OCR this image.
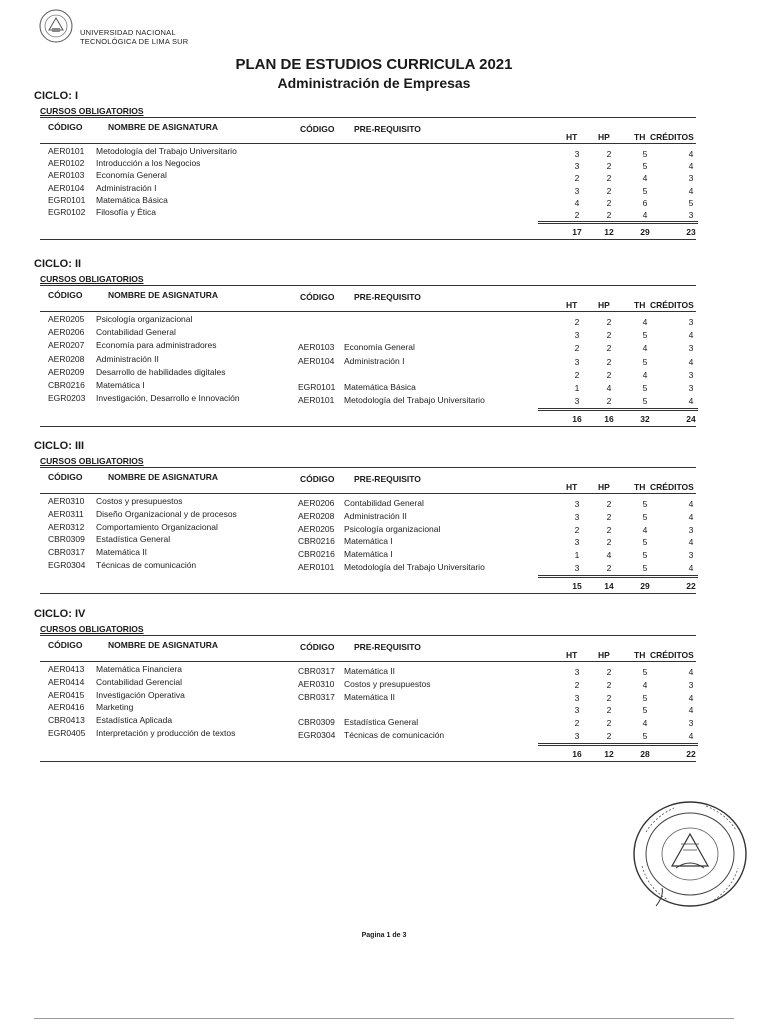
UNIVERSIDAD NACIONAL
TECNOLÓGICA DE LIMA SUR
PLAN DE ESTUDIOS CURRICULA 2021
Administración de Empresas
CICLO: I
CURSOS OBLIGATORIOS
CÓDIGO	NOMBRE DE ASIGNATURA	CÓDIGO PRE-REQUISITO
HT HP	TH CRÉDITOS
AER0101 Metodología del Trabajo Universitario	3	2	5	4
AER0102 Introducción a los Negocios	3	2	5	4
AER0103 Economía General	2	2	4	3
AER0104 Administración I	3	2	5	4
EGR0101 Matemática Básica	4	2	6	5
EGR0102 Filosofía y Ética	2	2	4	3
17	12	29	23
CICLO: II
CURSOS OBLIGATORIOS
CÓDIGO	NOMBRE DE ASIGNATURA	CÓDIGO PRE-REQUISITO
HT HP	TH CRÉDITOS
AER0205 Psicología organizacional	2	2	4	3
AER0206 Contabilidad General	3	2	5	4
AER0207 Economía para administradores	AER0103 Economía General	2	2	4	3
AER0208 Administración II	AER0104 Administración I	3	2	5	4
AER0209 Desarrollo de habilidades digitales	2	2	4	3
CBR0216 Matemática I	EGR0101 Matemática Básica	1	4	5	3
EGR0203 Investigación, Desarrollo e Innovación	AER0101 Metodología del Trabajo Universitario	3	2	5	4
16	16	32	24
CICLO: III
CURSOS OBLIGATORIOS
CÓDIGO	NOMBRE DE ASIGNATURA	CÓDIGO PRE-REQUISITO
HT HP	TH CRÉDITOS
AER0310 Costos y presupuestos	AER0206 Contabilidad General	3	2	5	4
AER0311 Diseño Organizacional y de procesos	AER0208 Administración II	3	2	5	4
AER0312 Comportamiento Organizacional	AER0205 Psicología organizacional	2	2	4	3
CBR0309 Estadística General	CBR0216 Matemática I	3	2	5	4
CBR0317 Matemática II	CBR0216 Matemática I	1	4	5	3
EGR0304 Técnicas de comunicación	AER0101 Metodología del Trabajo Universitario	3	2	5	4
15	14	29	22
CICLO: IV
CURSOS OBLIGATORIOS
CÓDIGO	NOMBRE DE ASIGNATURA	CÓDIGO PRE-REQUISITO
HT HP	TH CRÉDITOS
AER0413 Matemática Financiera	CBR0317 Matemática II	3	2	5	4
AER0414 Contabilidad Gerencial	AER0310 Costos y presupuestos	2	2	4	3
AER0415 Investigación Operativa	CBR0317 Matemática II	3	2	5	4
AER0416 Marketing	3	2	5	4
CBR0413 Estadística Aplicada	CBR0309 Estadística General	2	2	4	3
EGR0405 Interpretación y producción de textos	EGR0304 Técnicas de comunicación	3	2	5	4
16	12	28	22
Pagina 1 de 3
